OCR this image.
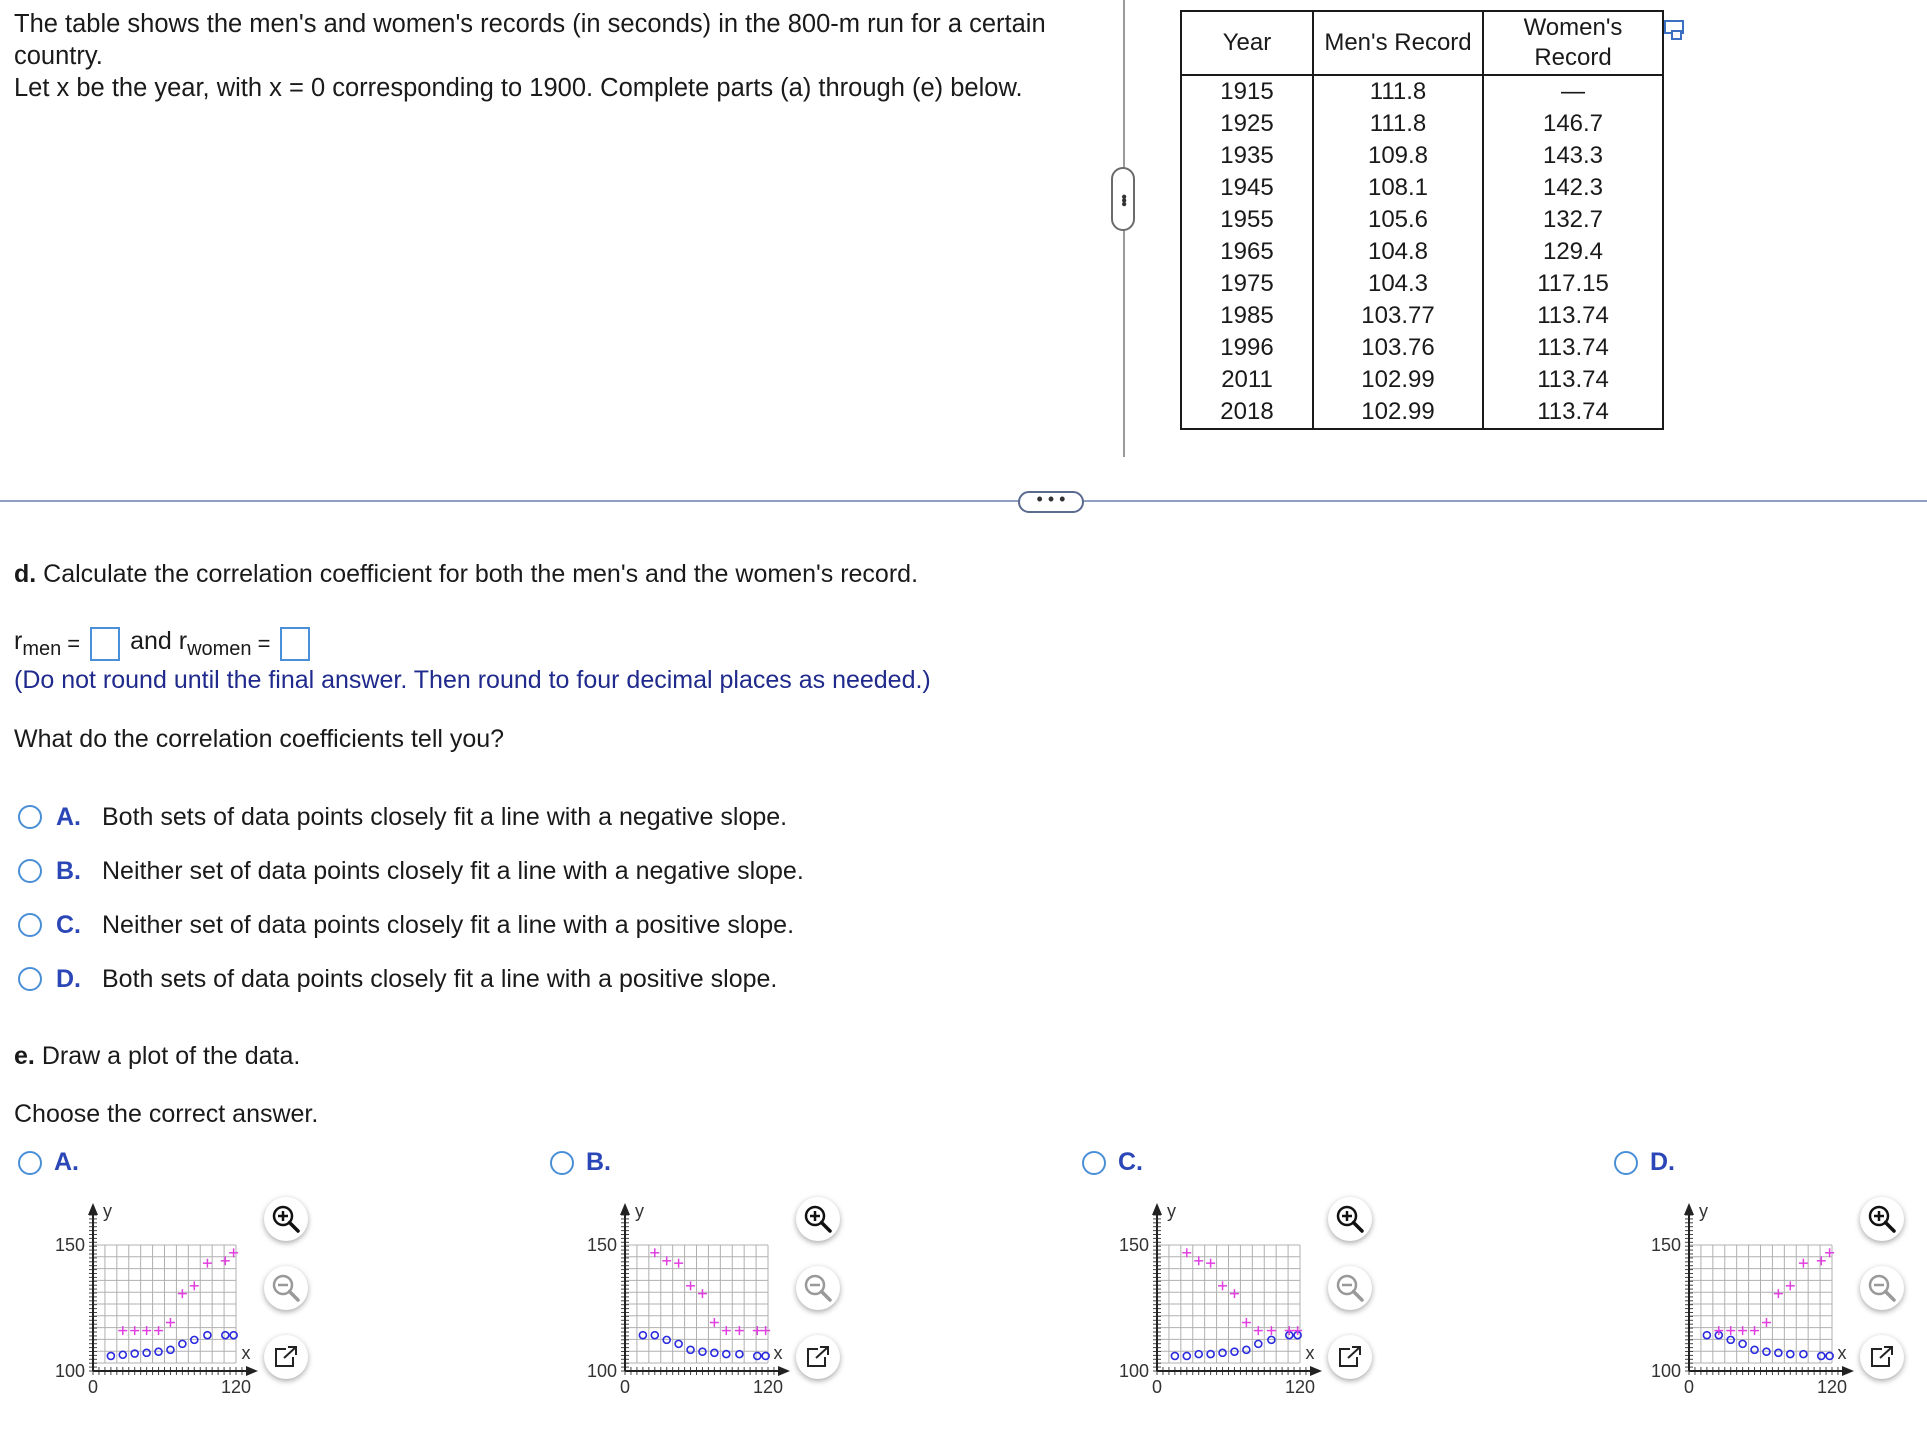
The table shows the men's and women's records (in seconds) in the 800-m run for a certain country.
Let x be the year, with x = 0 corresponding to 1900. Complete parts (a) through (e) below.
Year	Men's Record	Women's Record
1915	111.8	—
1925	111.8	146.7
1935	109.8	143.3
1945	108.1	142.3
1955	105.6	132.7
1965	104.8	129.4
1975	104.3	117.15
1985	103.77	113.74
1996	103.76	113.74
2011	102.99	113.74
2018	102.99	113.74
•••
• • •
d. Calculate the correlation coefficient for both the men's and the women's record.
$r_{men}$ = and $r_{women}$ =
(Do not round until the final answer. Then round to four decimal places as needed.)
What do the correlation coefficients tell you?
A. Both sets of data points closely fit a line with a negative slope.
B. Neither set of data points closely fit a line with a negative slope.
C. Neither set of data points closely fit a line with a positive slope.
D. Both sets of data points closely fit a line with a positive slope.
e. Draw a plot of the data.
Choose the correct answer.
A.
y
x
150
100
0	120
B.
y
x
150
100
0	120
C.
y
x
150
100
0	120
D.
y
x
150
100
0	120
